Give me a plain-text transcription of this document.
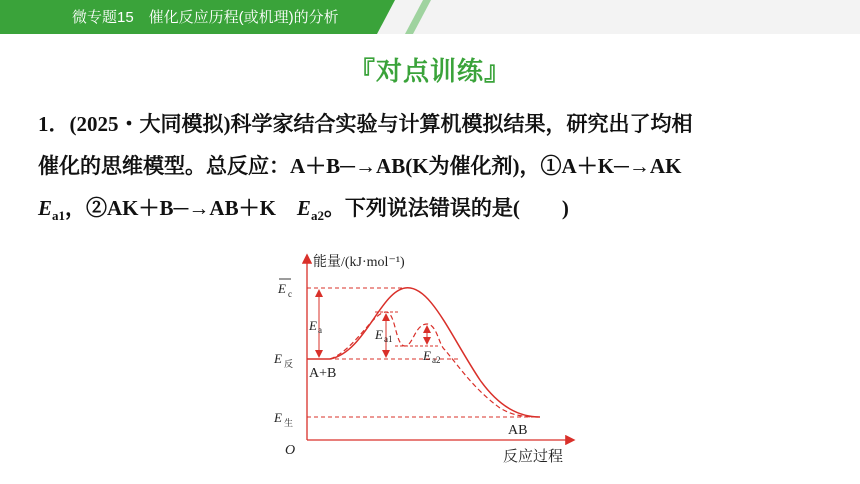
微专题15　催化反应历程(或机理)的分析
『对点训练』
1．(2025・大同模拟)科学家结合实验与计算机模拟结果，研究出了均相
催化的思维模型。总反应：A＋B─→AB(K为催化剂)，①A＋K─→AK
$E_{a1}$，②AK＋B─→AB＋K　$E_{a2}$。下列说法错误的是(　　)
能量/(kJ·mol⁻¹)
反应过程
O
E c
E 反
E 生
E a	E a1
E a2
A+B
AB
